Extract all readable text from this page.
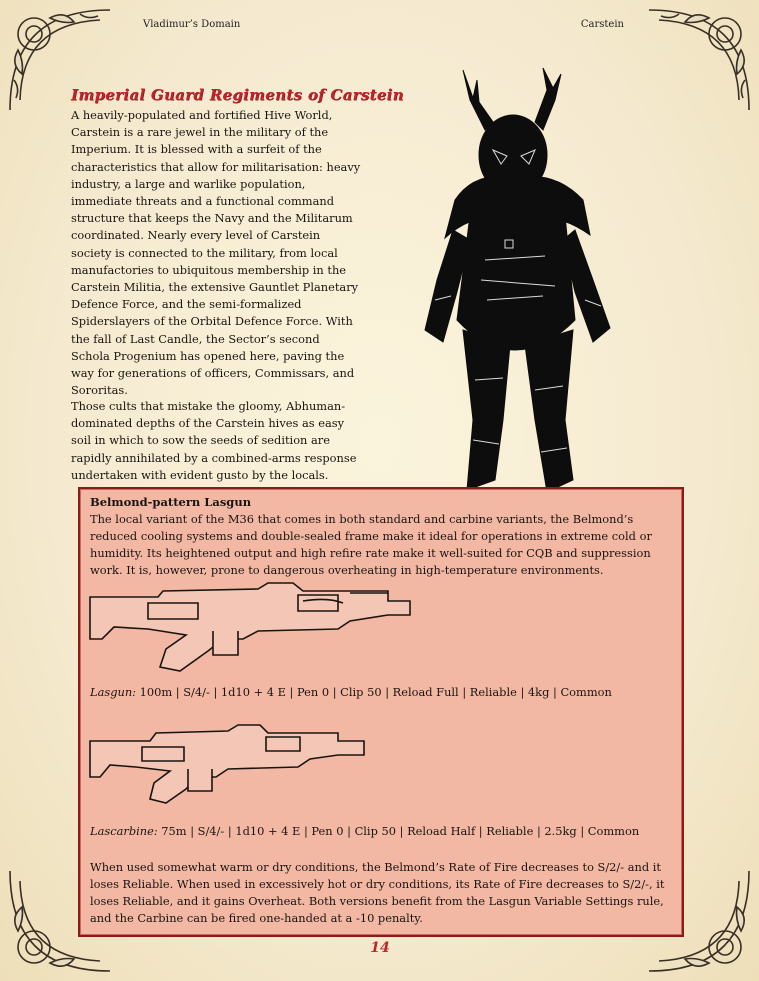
Vladimur’s Domain	Carstein
Imperial Guard Regiments of Carstein
A heavily-populated and fortified Hive World, Carstein is a rare jewel in the military of the Imperium. It is blessed with a surfeit of the characteristics that allow for militarisation: heavy industry, a large and warlike population, immediate threats and a functional command structure that keeps the Navy and the Militarum coordinated. Nearly every level of Carstein society is connected to the military, from local manufactories to ubiquitous membership in the Carstein Militia, the extensive Gauntlet Planetary Defence Force, and the semi-formalized Spiderslayers of the Orbital Defence Force. With the fall of Last Candle, the Sector’s second Schola Progenium has opened here, paving the way for generations of officers, Commissars, and Sororitas.
Those cults that mistake the gloomy, Abhuman-dominated depths of the Carstein hives as easy soil in which to sow the seeds of sedition are rapidly annihilated by a combined-arms response undertaken with evident gusto by the locals.
Belmond-pattern Lasgun
The local variant of the M36 that comes in both standard and carbine variants, the Belmond’s reduced cooling systems and double-sealed frame make it ideal for operations in extreme cold or humidity. Its heightened output and high refire rate make it well-suited for CQB and suppression work. It is, however, prone to dangerous overheating in high-temperature environments.
Lasgun: 100m | S/4/- | 1d10 + 4 E | Pen 0 | Clip 50 | Reload Full | Reliable | 4kg | Common
Lascarbine: 75m | S/4/- | 1d10 + 4 E | Pen 0 | Clip 50 | Reload Half | Reliable | 2.5kg | Common
When used somewhat warm or dry conditions, the Belmond’s Rate of Fire decreases to S/2/- and it loses Reliable. When used in excessively hot or dry conditions, its Rate of Fire decreases to S/2/-, it loses Reliable, and it gains Overheat. Both versions benefit from the Lasgun Variable Settings rule, and the Carbine can be fired one-handed at a -10 penalty.
14
